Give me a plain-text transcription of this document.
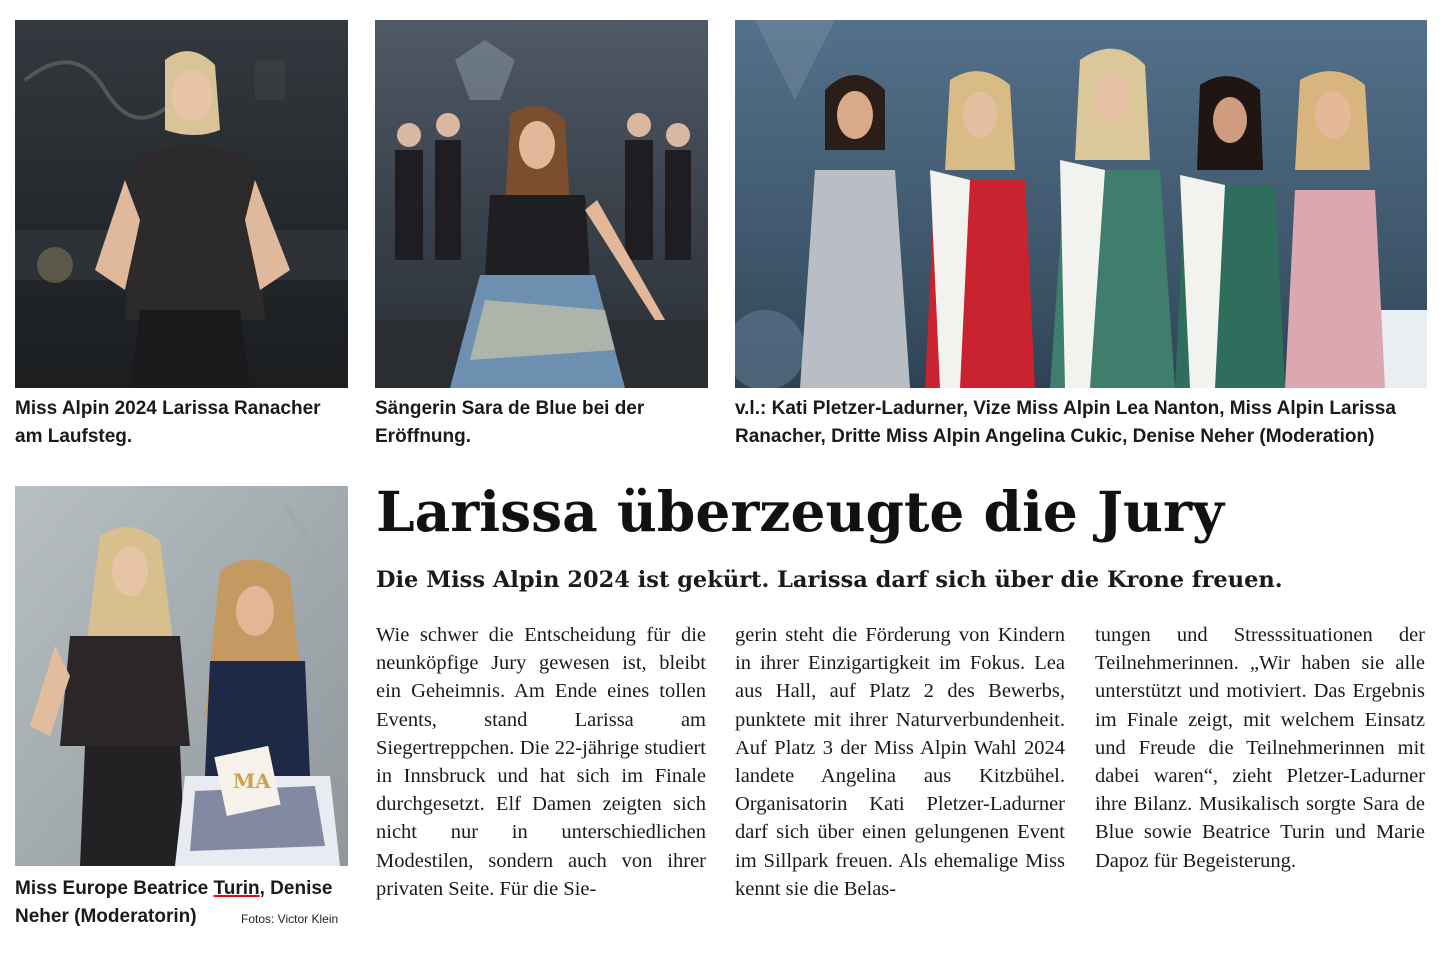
MA

Miss Alpin 2024 Larissa Ranacher am Laufsteg.

Sängerin Sara de Blue bei der Eröffnung.

v.l.: Kati Pletzer-Ladurner, Vize Miss Alpin Lea Nanton, Miss Alpin Larissa Ranacher, Dritte Miss Alpin Angelina Cukic, Denise Neher (Moderation)

Miss Europe Beatrice Turin, Denise Neher (Moderatorin)	Fotos: Victor Klein
Larissa überzeugte die Jury
Die Miss Alpin 2024 ist gekürt. Larissa darf sich über die Krone freuen.

Wie schwer die Entscheidung für die neunköpfige Jury gewesen ist, bleibt ein Geheimnis. Am Ende eines tollen Events, stand Larissa am Siegertreppchen. Die 22-jährige studiert in Innsbruck und hat sich im Finale durchgesetzt. Elf Damen zeigten sich nicht nur in unterschiedlichen Modestilen, sondern auch von ihrer privaten Seite. Für die Sie-

gerin steht die Förderung von Kindern in ihrer Einzigartigkeit im Fokus. Lea aus Hall, auf Platz 2 des Bewerbs, punktete mit ihrer Naturverbundenheit. Auf Platz 3 der Miss Alpin Wahl 2024 landete Angelina aus Kitzbühel. Organisatorin Kati Pletzer-Ladurner darf sich über einen gelungenen Event im Sillpark freuen. Als ehemalige Miss kennt sie die Belas-

tungen und Stresssituationen der Teilnehmerinnen. „Wir haben sie alle unterstützt und motiviert. Das Ergebnis im Finale zeigt, mit welchem Einsatz und Freude die Teilnehmerinnen mit dabei waren“, zieht Pletzer-Ladurner ihre Bilanz. Musikalisch sorgte Sara de Blue sowie Beatrice Turin und Marie Dapoz für Begeisterung.
